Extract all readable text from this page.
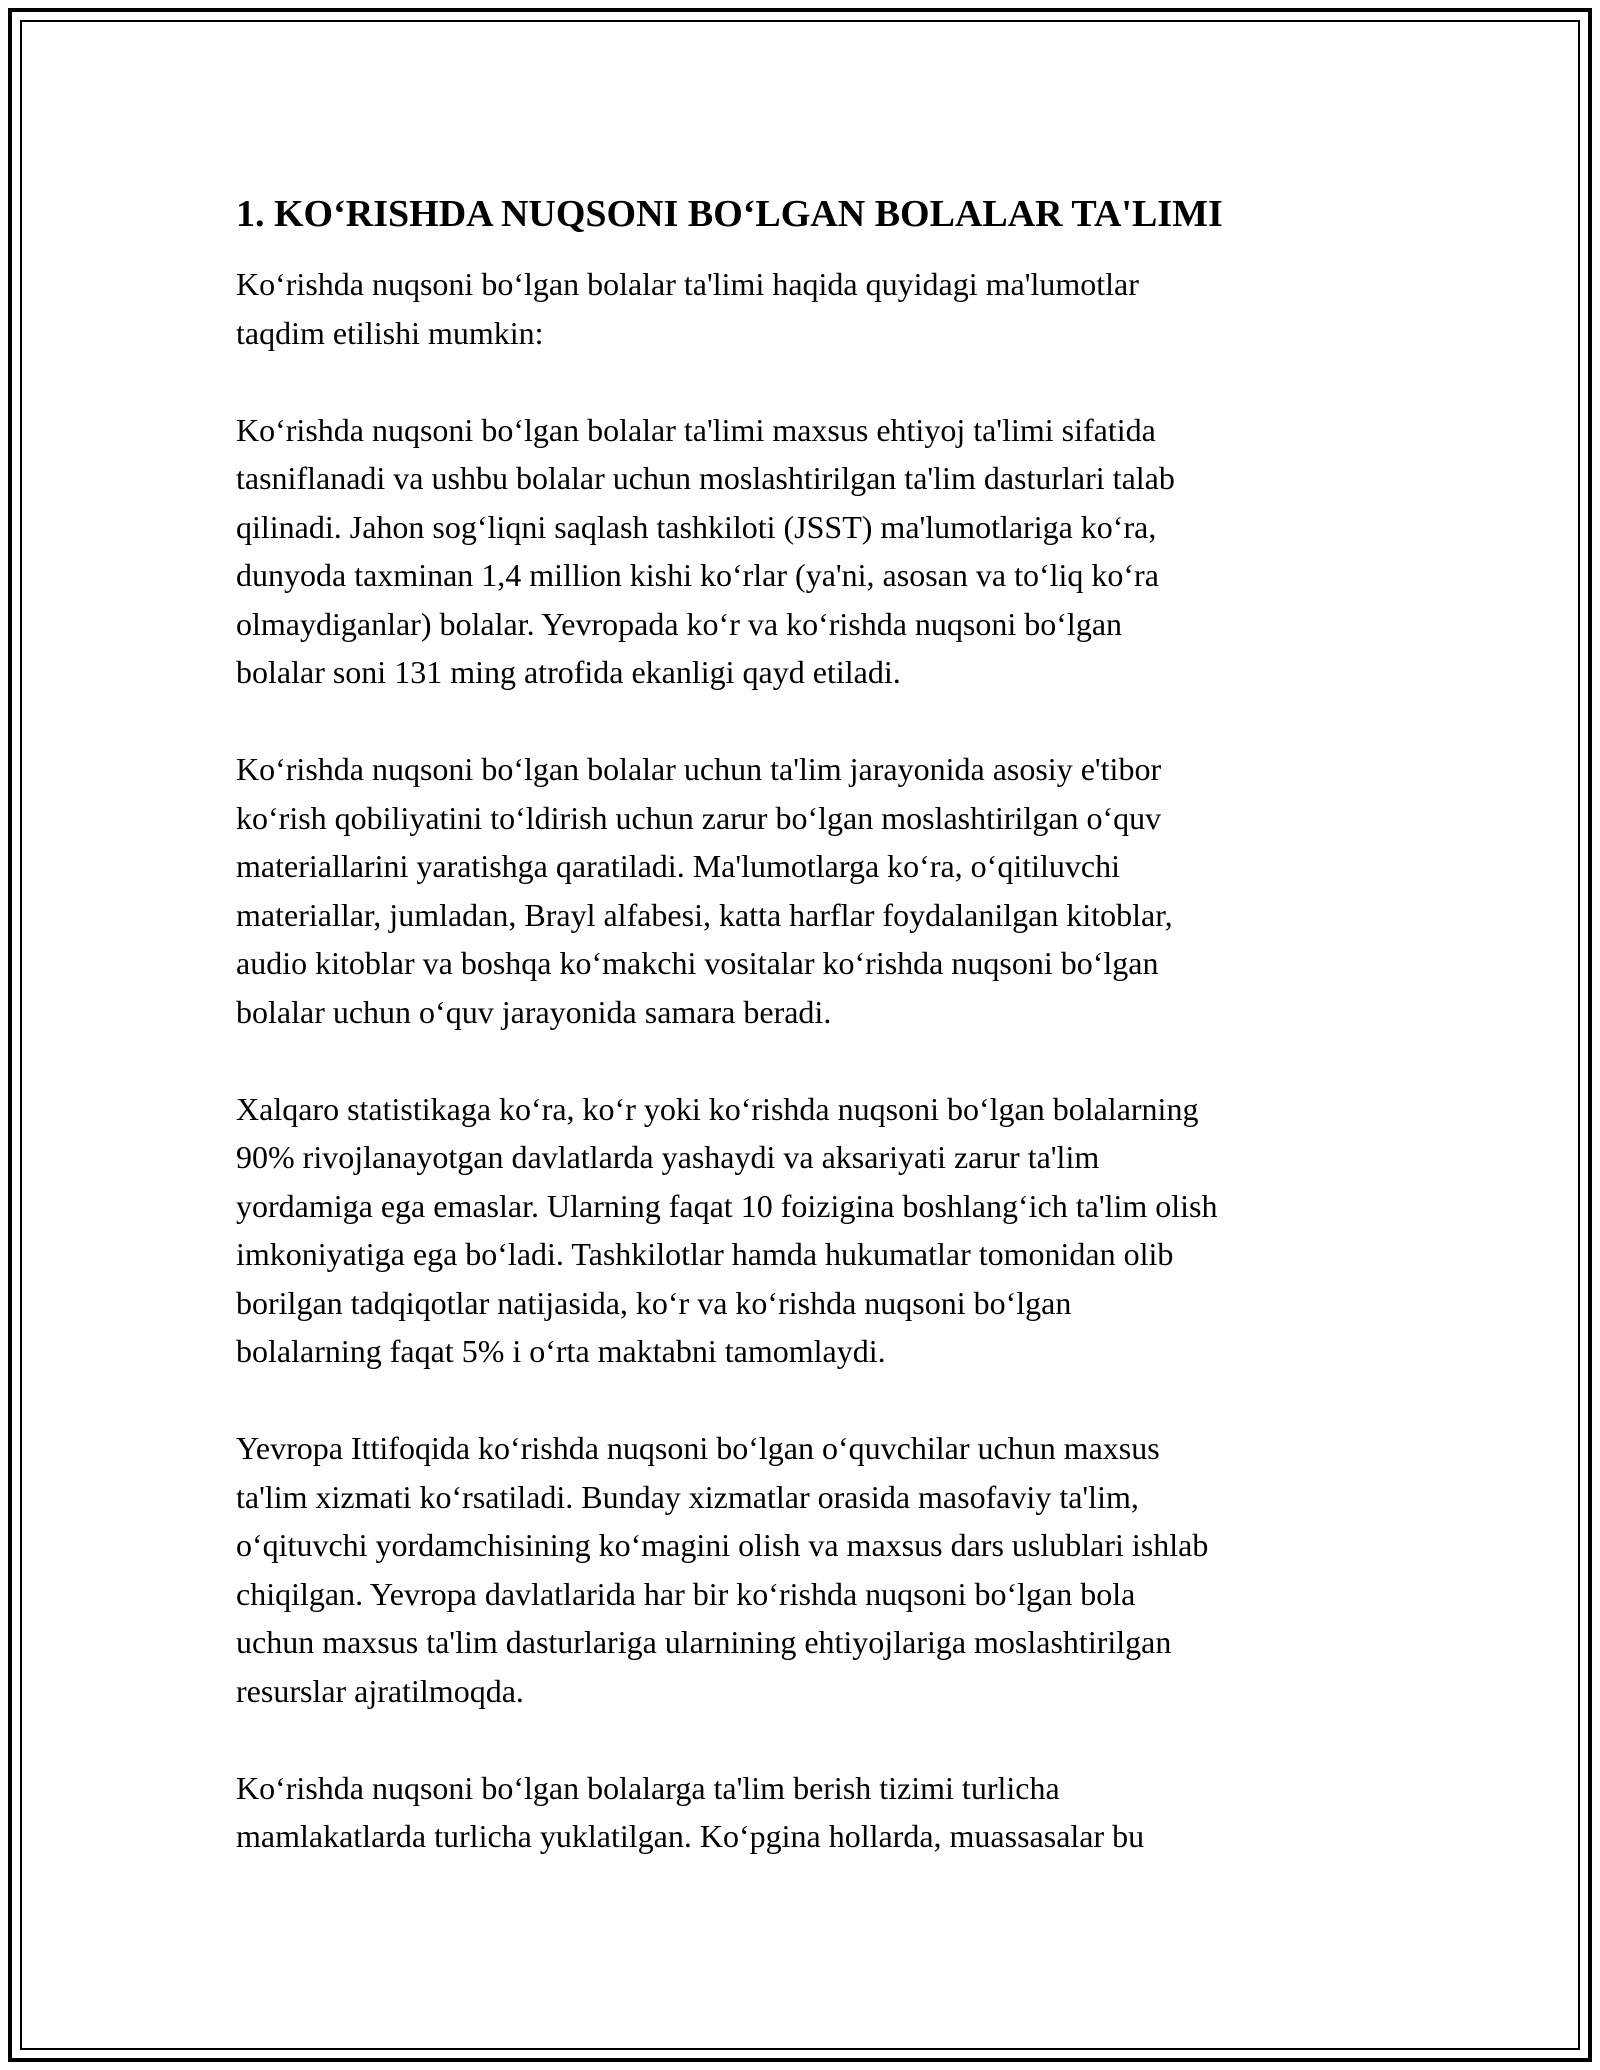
1. KO‘RISHDA NUQSONI BO‘LGAN BOLALAR TA'LIMI
Ko‘rishda nuqsoni bo‘lgan bolalar ta'limi haqida quyidagi ma'lumotlar
taqdim etilishi mumkin:
Ko‘rishda nuqsoni bo‘lgan bolalar ta'limi maxsus ehtiyoj ta'limi sifatida
tasniflanadi va ushbu bolalar uchun moslashtirilgan ta'lim dasturlari talab
qilinadi. Jahon sog‘liqni saqlash tashkiloti (JSST) ma'lumotlariga ko‘ra,
dunyoda taxminan 1,4 million kishi ko‘rlar (ya'ni, asosan va to‘liq ko‘ra
olmaydiganlar) bolalar. Yevropada ko‘r va ko‘rishda nuqsoni bo‘lgan
bolalar soni 131 ming atrofida ekanligi qayd etiladi.
Ko‘rishda nuqsoni bo‘lgan bolalar uchun ta'lim jarayonida asosiy e'tibor
ko‘rish qobiliyatini to‘ldirish uchun zarur bo‘lgan moslashtirilgan o‘quv
materiallarini yaratishga qaratiladi. Ma'lumotlarga ko‘ra, o‘qitiluvchi
materiallar, jumladan, Brayl alfabesi, katta harflar foydalanilgan kitoblar,
audio kitoblar va boshqa ko‘makchi vositalar ko‘rishda nuqsoni bo‘lgan
bolalar uchun o‘quv jarayonida samara beradi.
Xalqaro statistikaga ko‘ra, ko‘r yoki ko‘rishda nuqsoni bo‘lgan bolalarning
90% rivojlanayotgan davlatlarda yashaydi va aksariyati zarur ta'lim
yordamiga ega emaslar. Ularning faqat 10 foizigina boshlang‘ich ta'lim olish
imkoniyatiga ega bo‘ladi. Tashkilotlar hamda hukumatlar tomonidan olib
borilgan tadqiqotlar natijasida, ko‘r va ko‘rishda nuqsoni bo‘lgan
bolalarning faqat 5% i o‘rta maktabni tamomlaydi.
Yevropa Ittifoqida ko‘rishda nuqsoni bo‘lgan o‘quvchilar uchun maxsus
ta'lim xizmati ko‘rsatiladi. Bunday xizmatlar orasida masofaviy ta'lim,
o‘qituvchi yordamchisining ko‘magini olish va maxsus dars uslublari ishlab
chiqilgan. Yevropa davlatlarida har bir ko‘rishda nuqsoni bo‘lgan bola
uchun maxsus ta'lim dasturlariga ularnining ehtiyojlariga moslashtirilgan
resurslar ajratilmoqda.
Ko‘rishda nuqsoni bo‘lgan bolalarga ta'lim berish tizimi turlicha
mamlakatlarda turlicha yuklatilgan. Ko‘pgina hollarda, muassasalar bu
